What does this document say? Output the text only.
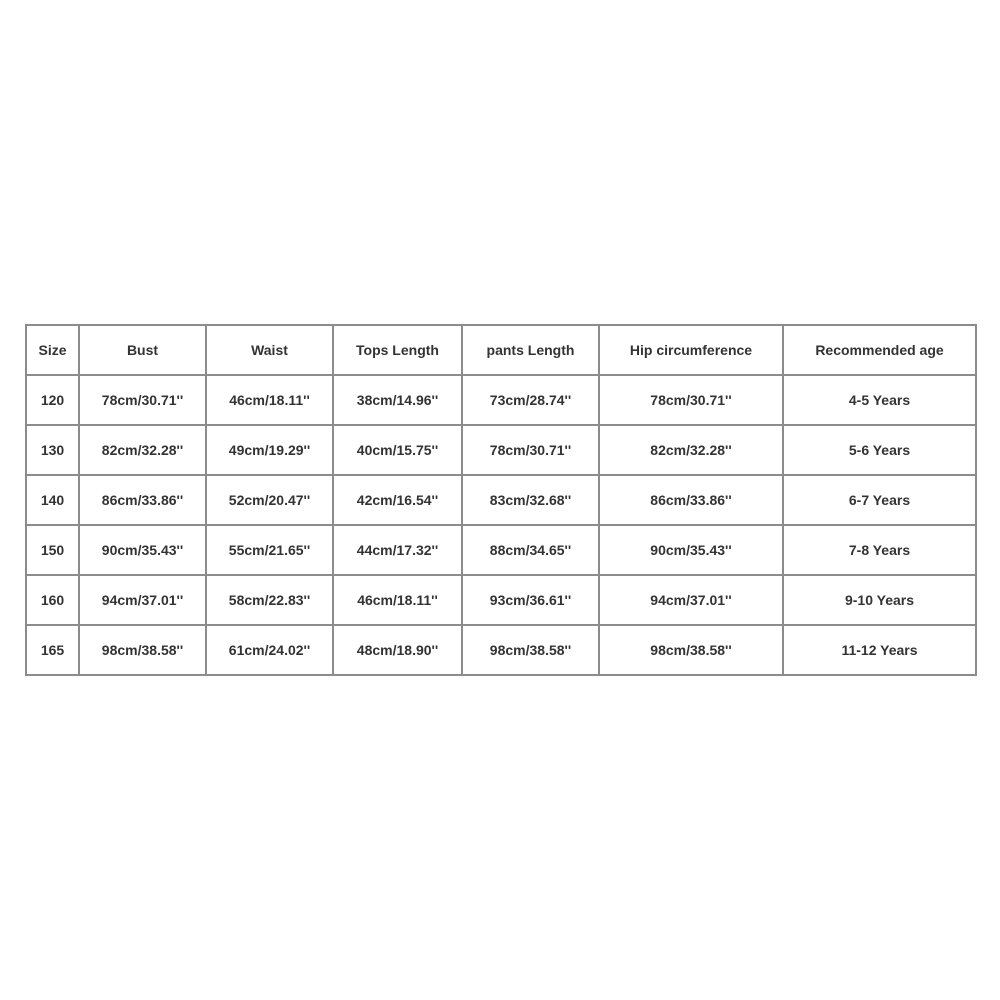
Size	Bust	Waist	Tops Length	pants Length	Hip circumference	Recommended age
120	78cm/30.71''	46cm/18.11''	38cm/14.96''	73cm/28.74''	78cm/30.71''	4-5 Years
130	82cm/32.28''	49cm/19.29''	40cm/15.75''	78cm/30.71''	82cm/32.28''	5-6 Years
140	86cm/33.86''	52cm/20.47''	42cm/16.54''	83cm/32.68''	86cm/33.86''	6-7 Years
150	90cm/35.43''	55cm/21.65''	44cm/17.32''	88cm/34.65''	90cm/35.43''	7-8 Years
160	94cm/37.01''	58cm/22.83''	46cm/18.11''	93cm/36.61''	94cm/37.01''	9-10 Years
165	98cm/38.58''	61cm/24.02''	48cm/18.90''	98cm/38.58''	98cm/38.58''	11-12 Years
